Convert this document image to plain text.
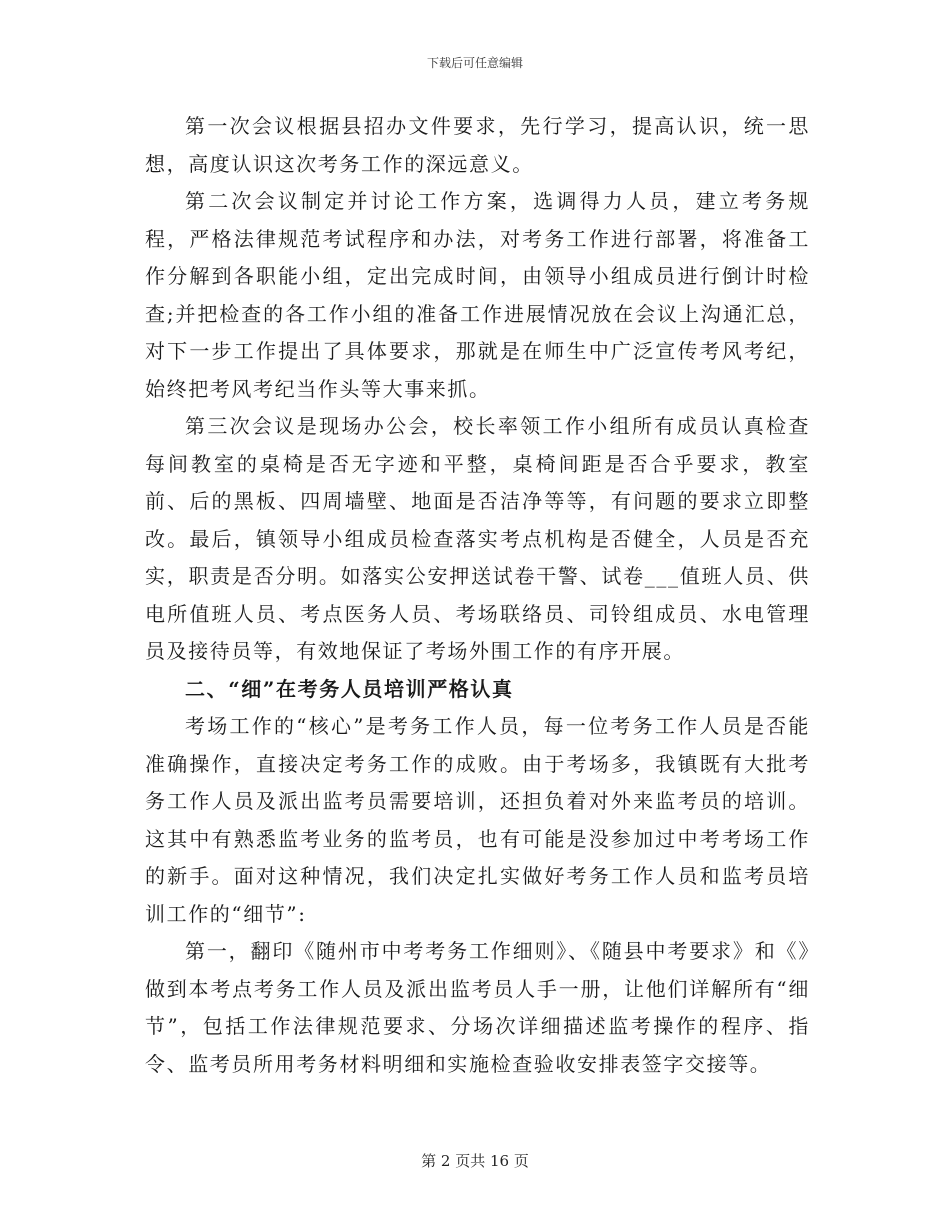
下载后可任意编辑

第一次会议根据县招办文件要求，先行学习，提高认识，统一思想，高度认识这次考务工作的深远意义。

第二次会议制定并讨论工作方案，选调得力人员，建立考务规程，严格法律规范考试程序和办法，对考务工作进行部署，将准备工作分解到各职能小组，定出完成时间，由领导小组成员进行倒计时检查;并把检查的各工作小组的准备工作进展情况放在会议上沟通汇总，对下一步工作提出了具体要求，那就是在师生中广泛宣传考风考纪，始终把考风考纪当作头等大事来抓。

第三次会议是现场办公会，校长率领工作小组所有成员认真检查每间教室的桌椅是否无字迹和平整，桌椅间距是否合乎要求，教室前、后的黑板、四周墙壁、地面是否洁净等等，有问题的要求立即整改。最后，镇领导小组成员检查落实考点机构是否健全，人员是否充实，职责是否分明。如落实公安押送试卷干警、试卷___值班人员、供电所值班人员、考点医务人员、考场联络员、司铃组成员、水电管理员及接待员等，有效地保证了考场外围工作的有序开展。

二、“细”在考务人员培训严格认真

考场工作的“核心”是考务工作人员，每一位考务工作人员是否能准确操作，直接决定考务工作的成败。由于考场多，我镇既有大批考务工作人员及派出监考员需要培训，还担负着对外来监考员的培训。这其中有熟悉监考业务的监考员，也有可能是没参加过中考考场工作的新手。面对这种情况，我们决定扎实做好考务工作人员和监考员培训工作的“细节”:

第一，翻印《随州市中考考务工作细则》、《随县中考要求》和《》做到本考点考务工作人员及派出监考员人手一册，让他们详解所有“细节”，包括工作法律规范要求、分场次详细描述监考操作的程序、指令、监考员所用考务材料明细和实施检查验收安排表签字交接等。

第 2 页共 16 页
